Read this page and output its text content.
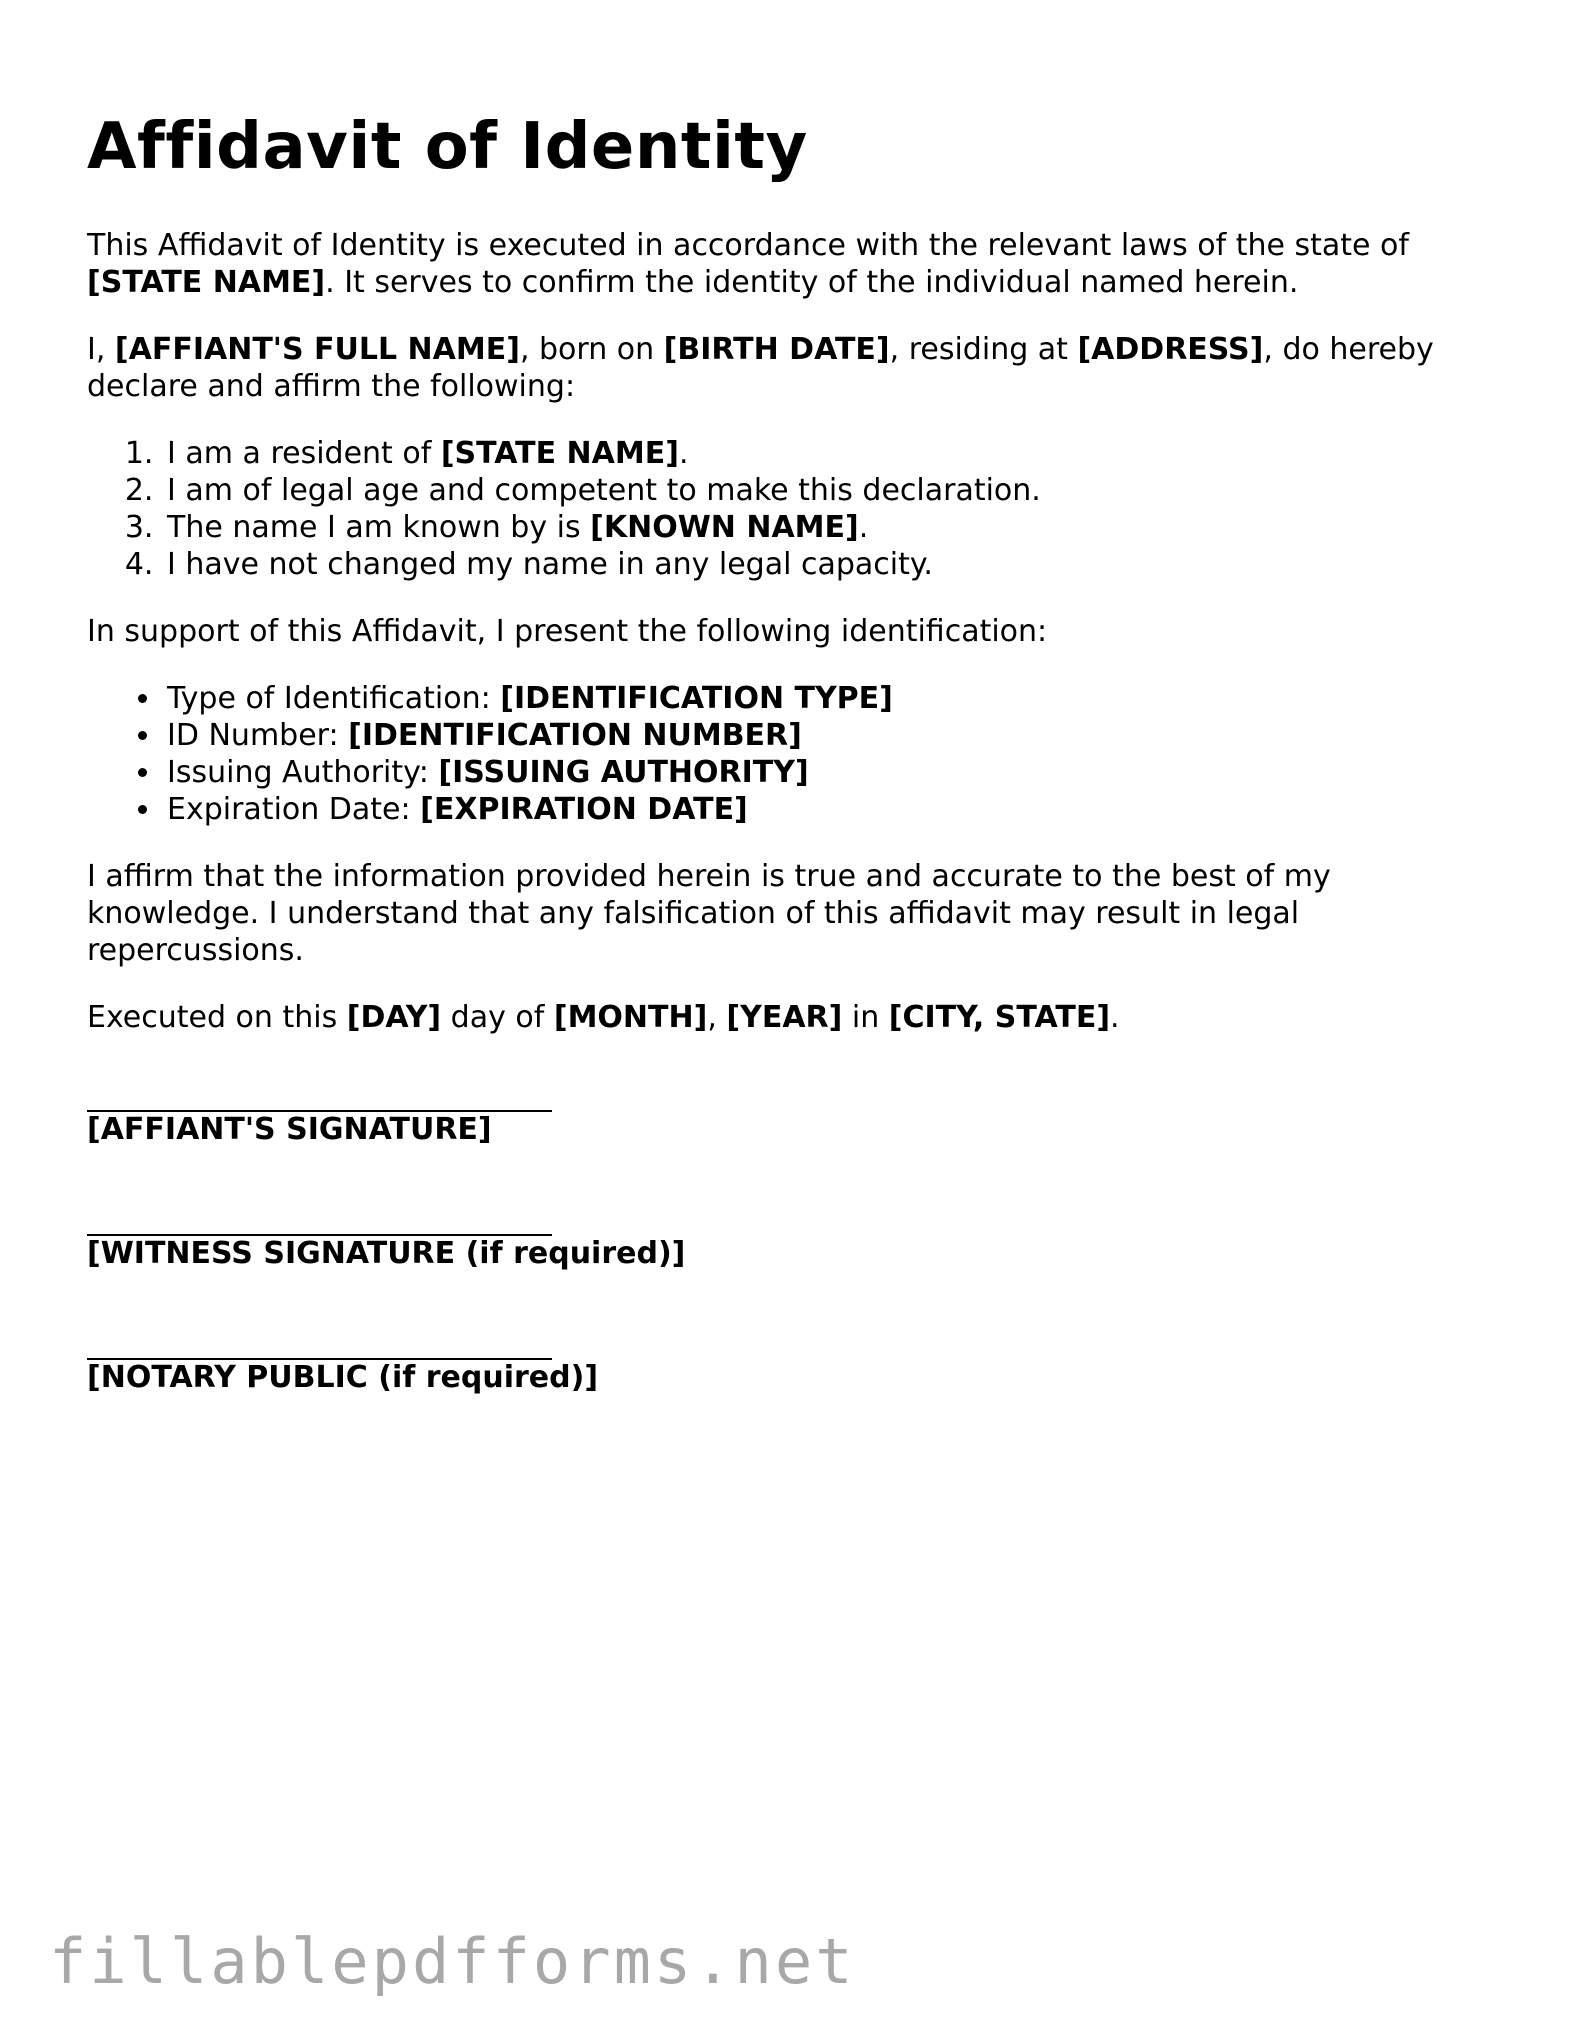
Affidavit of Identity

This Affidavit of Identity is executed in accordance with the relevant laws of the state of [STATE NAME]. It serves to confirm the identity of the individual named herein.

I, [AFFIANT'S FULL NAME], born on [BIRTH DATE], residing at [ADDRESS], do hereby declare and affirm the following:

1. I am a resident of [STATE NAME].
2. I am of legal age and competent to make this declaration.
3. The name I am known by is [KNOWN NAME].
4. I have not changed my name in any legal capacity.

In support of this Affidavit, I present the following identification:

• Type of Identification: [IDENTIFICATION TYPE]
• ID Number: [IDENTIFICATION NUMBER]
• Issuing Authority: [ISSUING AUTHORITY]
• Expiration Date: [EXPIRATION DATE]

I affirm that the information provided herein is true and accurate to the best of my knowledge. I understand that any falsification of this affidavit may result in legal repercussions.

Executed on this [DAY] day of [MONTH], [YEAR] in [CITY, STATE].

[AFFIANT'S SIGNATURE]
[WITNESS SIGNATURE (if required)]
[NOTARY PUBLIC (if required)]
fillablepdfforms.net
